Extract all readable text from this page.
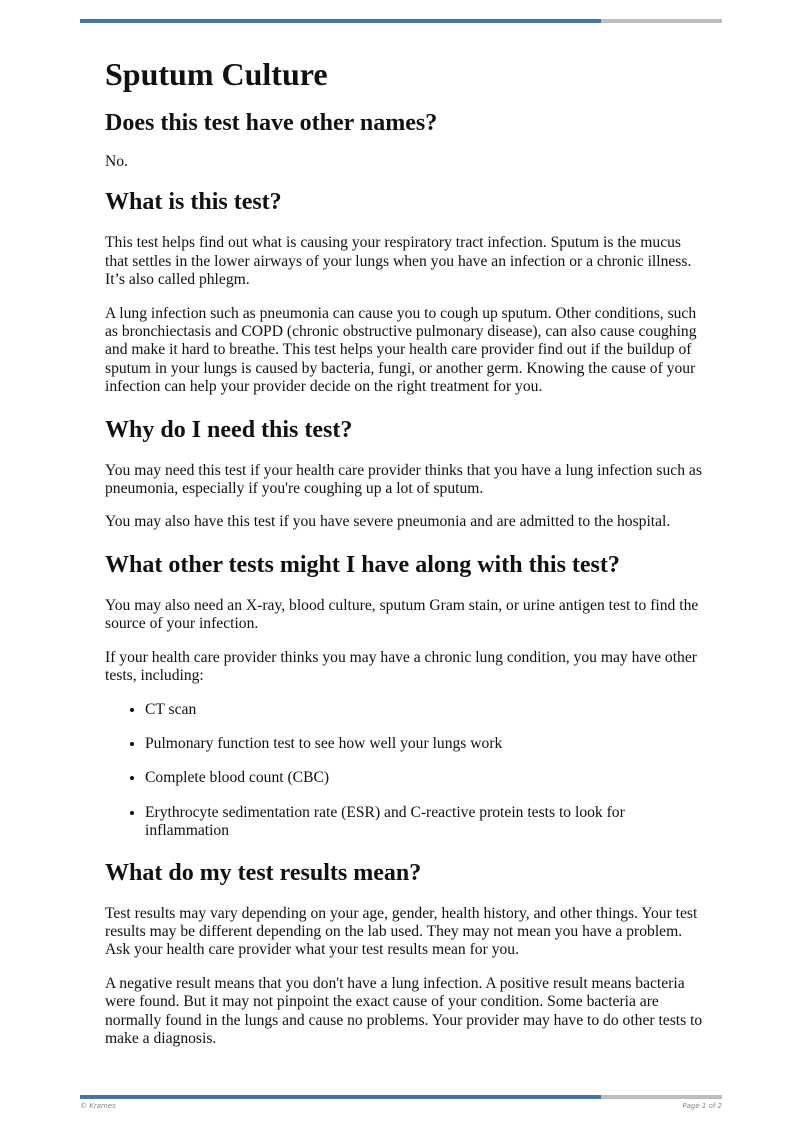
Sputum Culture
Does this test have other names?

No.

What is this test?

This test helps find out what is causing your respiratory tract infection. Sputum is the mucus that settles in the lower airways of your lungs when you have an infection or a chronic illness. It’s also called phlegm.

A lung infection such as pneumonia can cause you to cough up sputum. Other conditions, such as bronchiectasis and COPD (chronic obstructive pulmonary disease), can also cause coughing and make it hard to breathe. This test helps your health care provider find out if the buildup of sputum in your lungs is caused by bacteria, fungi, or another germ. Knowing the cause of your infection can help your provider decide on the right treatment for you.

Why do I need this test?

You may need this test if your health care provider thinks that you have a lung infection such as pneumonia, especially if you're coughing up a lot of sputum.

You may also have this test if you have severe pneumonia and are admitted to the hospital.

What other tests might I have along with this test?

You may also need an X-ray, blood culture, sputum Gram stain, or urine antigen test to find the source of your infection.

If your health care provider thinks you may have a chronic lung condition, you may have other tests, including:

• CT scan
• Pulmonary function test to see how well your lungs work
• Complete blood count (CBC)
• Erythrocyte sedimentation rate (ESR) and C-reactive protein tests to look for inflammation
What do my test results mean?

Test results may vary depending on your age, gender, health history, and other things. Your test results may be different depending on the lab used. They may not mean you have a problem. Ask your health care provider what your test results mean for you.

A negative result means that you don't have a lung infection. A positive result means bacteria were found. But it may not pinpoint the exact cause of your condition. Some bacteria are normally found in the lungs and cause no problems. Your provider may have to do other tests to make a diagnosis.

© Krames	Page 1 of 2
